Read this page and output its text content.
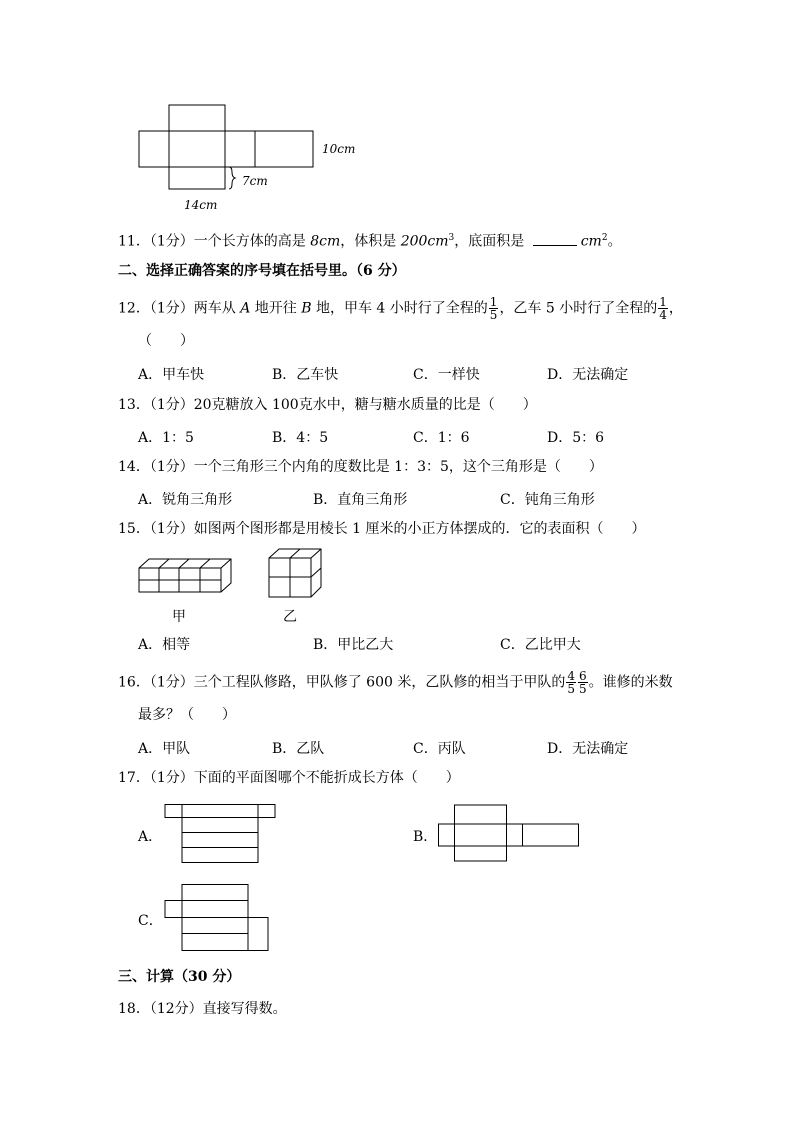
10cm
7cm
14cm
11．（1分）一个长方体的高是 8cm，体积是 $200cm^3$，底面积是	$cm^2$。
二、选择正确答案的序号填在括号里。（6 分）
12．（1分）两车从 A 地开往 B 地，甲车 4 小时行了全程的 $\frac{1}{5}$ ，乙车 5 小时行了全程的 $\frac{1}{4}$ ，
（　　）
A．甲车快	B．乙车快	C．一样快	D．无法确定
13．（1分）20克糖放入 100克水中，糖与糖水质量的比是（　　）
A．1：5	B．4：5	C．1：6	D．5：6
14．（1分）一个三角形三个内角的度数比是 1：3：5，这个三角形是（　　）
A．锐角三角形	B．直角三角形	C．钝角三角形
15．（1分）如图两个图形都是用棱长 1 厘米的小正方体摆成的．它的表面积（　　）
甲	乙
A．相等	B．甲比乙大	C．乙比甲大
16．（1分）三个工程队修路，甲队修了 600 米，乙队修的相当于甲队的 $\frac{4}{5} \frac{6}{5}$ 。谁修的米数
最多？（　　）
A．甲队	B．乙队	C．丙队	D．无法确定
17．（1分）下面的平面图哪个不能折成长方体（　　）
A．	B．
C．
三、计算（30 分）
18．（12分）直接写得数。
